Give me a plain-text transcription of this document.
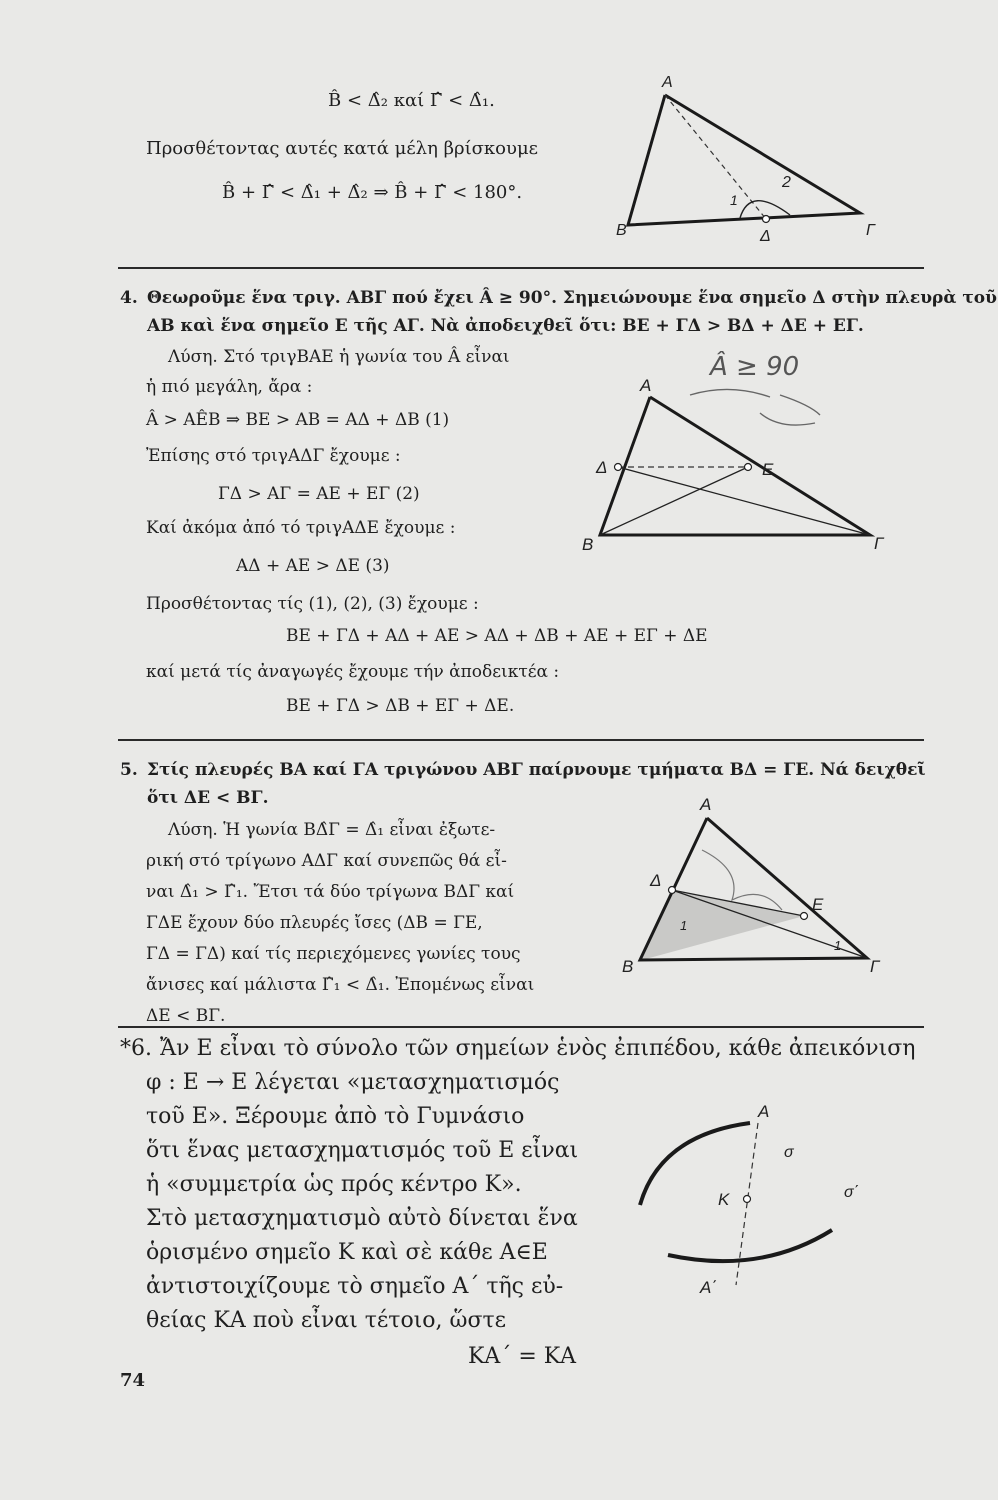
B̂ < Δ̂₂ καί Γ̂ < Δ̂₁.
Προσθέτοντας αυτές κατά μέλη βρίσκουμε
B̂ + Γ̂ < Δ̂₁ + Δ̂₂ ⇒ B̂ + Γ̂ < 180°.
A
B	Γ
Δ
1
2
4. Θεωροῦμε ἕνα τριγ. ΑΒΓ πού ἔχει Â ≥ 90°. Σημειώνουμε ἕνα σημεῖο Δ στὴν πλευρὰ τοῦ
ΑΒ καὶ ἕνα σημεῖο Ε τῆς ΑΓ. Νὰ ἀποδειχθεῖ ὅτι: ΒΕ + ΓΔ > ΒΔ + ΔΕ + ΕΓ.
Λύση. Στό τριγΒΑΕ ἡ γωνία του Â εἶναι
ἡ πιό μεγάλη, ἄρα :
Â > ΑÊΒ ⇒ ΒΕ > ΑΒ = ΑΔ + ΔΒ (1)
Ἐπίσης στό τριγΑΔΓ ἔχουμε :
ΓΔ > ΑΓ = ΑΕ + ΕΓ (2)
Καί ἀκόμα ἀπό τό τριγΑΔΕ ἔχουμε :
ΑΔ + ΑΕ > ΔΕ (3)
Προσθέτοντας τίς (1), (2), (3) ἔχουμε :
ΒΕ + ΓΔ + ΑΔ + ΑΕ > ΑΔ + ΔΒ + ΑΕ + ΕΓ + ΔΕ
καί μετά τίς ἀναγωγές ἔχουμε τήν ἀποδεικτέα :
ΒΕ + ΓΔ > ΔΒ + ΕΓ + ΔΕ.
Â ≥ 90
A
B	Γ
Δ	E
5. Στίς πλευρές ΒΑ καί ΓΑ τριγώνου ΑΒΓ παίρνουμε τμήματα ΒΔ = ΓΕ. Νά δειχθεῖ
ὅτι ΔΕ < ΒΓ.
Λύση. Ἡ γωνία ΒΔ̂Γ = Δ̂₁ εἶναι ἐξωτε-
ρική στό τρίγωνο ΑΔΓ καί συνεπῶς θά εἶ-
ναι Δ̂₁ > Γ̂₁. Ἔτσι τά δύο τρίγωνα ΒΔΓ καί
ΓΔΕ ἔχουν δύο πλευρές ἴσες (ΔΒ = ΓΕ,
ΓΔ = ΓΔ) καί τίς περιεχόμενες γωνίες τους
ἄνισες καί μάλιστα Γ̂₁ < Δ̂₁. Ἐπομένως εἶναι
ΔΕ < ΒΓ.
A
B	Γ
Δ
E
1
1
*6. Ἄν Ε εἶναι τὸ σύνολο τῶν σημείων ἑνὸς ἐπιπέδου, κάθε ἀπεικόνιση
φ : Ε → Ε λέγεται «μετασχηματισμός
τοῦ Ε». Ξέρουμε ἀπὸ τὸ Γυμνάσιο
ὅτι ἕνας μετασχηματισμός τοῦ Ε εἶναι
ἡ «συμμετρία ὡς πρός κέντρο Κ».
Στὸ μετασχηματισμὸ αὐτὸ δίνεται ἕνα
ὁρισμένο σημεῖο Κ καὶ σὲ κάθε Α∈Ε
ἀντιστοιχίζουμε τὸ σημεῖο Α΄ τῆς εὐ-
θείας ΚΑ ποὺ εἶναι τέτοιο, ὥστε
ΚΑ΄ = ΚΑ
A
K
A΄
σ
σ΄
74
